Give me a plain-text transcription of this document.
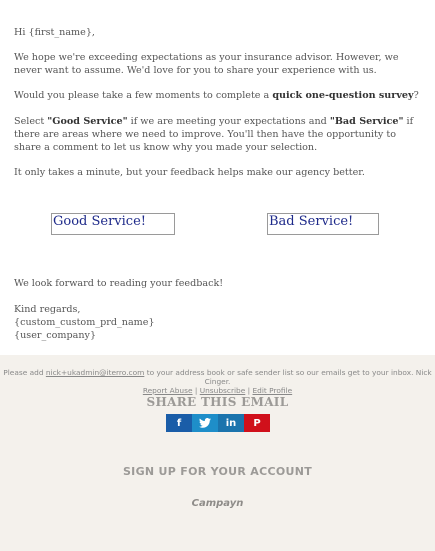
Hi {first_name},

We hope we're exceeding expectations as your insurance advisor. However, we never want to assume. We'd love for you to share your experience with us.

Would you please take a few moments to complete a quick one-question survey?

Select "Good Service" if we are meeting your expectations and "Bad Service" if there are areas where we need to improve. You'll then have the opportunity to share a comment to let us know why you made your selection.

It only takes a minute, but your feedback helps make our agency better.

Good Service!	Bad Service!

We look forward to reading your feedback!

Kind regards,

{custom_custom_prd_name}

{user_company}

Please add nick+ukadmin@iterro.com to your address book or safe sender list so our emails get to your inbox. Nick Cinger.
Report Abuse | Unsubscribe | Edit Profile
SHARE THIS EMAIL
f	in	P
SIGN UP FOR YOUR ACCOUNT
Campayn
